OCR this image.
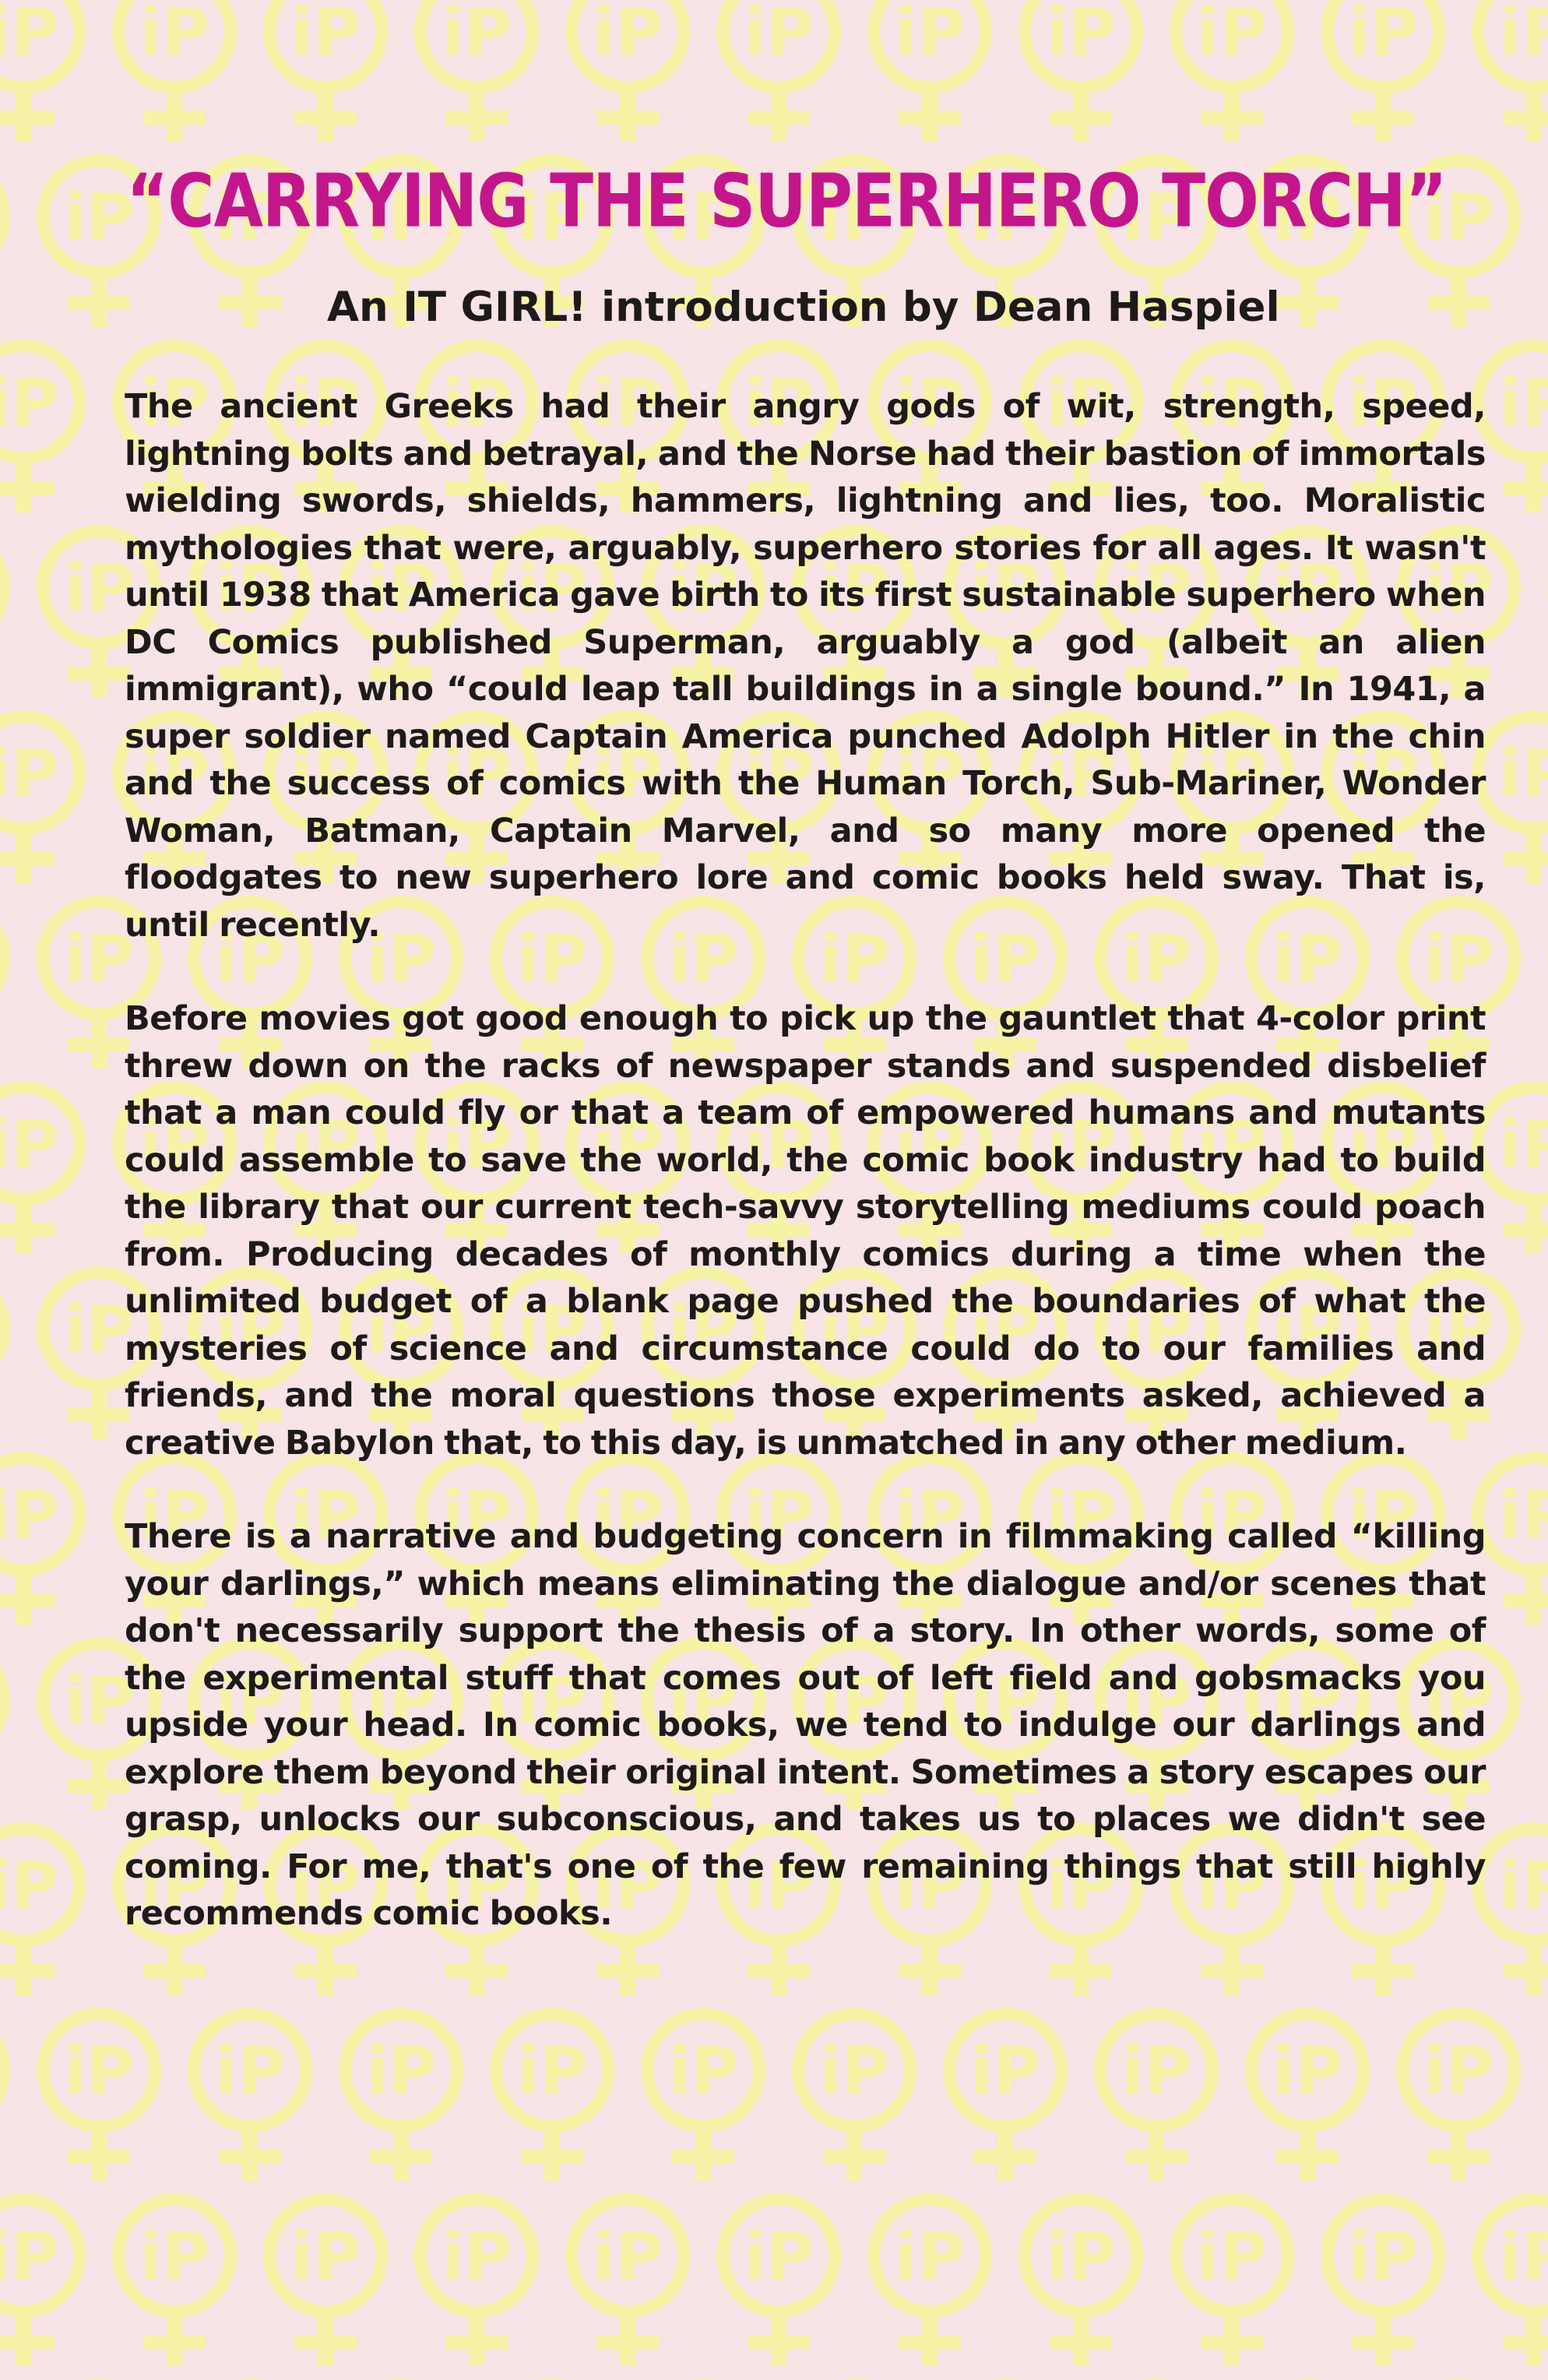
“CARRYING THE SUPERHERO TORCH”
An IT GIRL! introduction by Dean Haspiel

The ancient Greeks had their angry gods of wit, strength, speed, lightning bolts and betrayal, and the Norse had their bastion of immortals wielding swords, shields, hammers, lightning and lies, too. Moralistic mythologies that were, arguably, superhero stories for all ages. It wasn't until 1938 that America gave birth to its first sustainable superhero when DC Comics published Superman, arguably a god (albeit an alien immigrant), who “could leap tall buildings in a single bound.” In 1941, a super soldier named Captain America punched Adolph Hitler in the chin and the success of comics with the Human Torch, Sub-Mariner, Wonder Woman, Batman, Captain Marvel, and so many more opened the floodgates to new superhero lore and comic books held sway. That is, until recently.

Before movies got good enough to pick up the gauntlet that 4-color print threw down on the racks of newspaper stands and suspended disbelief that a man could fly or that a team of empowered humans and mutants could assemble to save the world, the comic book industry had to build the library that our current tech-savvy storytelling mediums could poach from. Producing decades of monthly comics during a time when the unlimited budget of a blank page pushed the boundaries of what the mysteries of science and circumstance could do to our families and friends, and the moral questions those experiments asked, achieved a creative Babylon that, to this day, is unmatched in any other medium.

There is a narrative and budgeting concern in filmmaking called “killing your darlings,” which means eliminating the dialogue and/or scenes that don't necessarily support the thesis of a story. In other words, some of the experimental stuff that comes out of left field and gobsmacks you upside your head. In comic books, we tend to indulge our darlings and explore them beyond their original intent. Sometimes a story escapes our grasp, unlocks our subconscious, and takes us to places we didn't see coming. For me, that's one of the few remaining things that still highly recommends comic books.
